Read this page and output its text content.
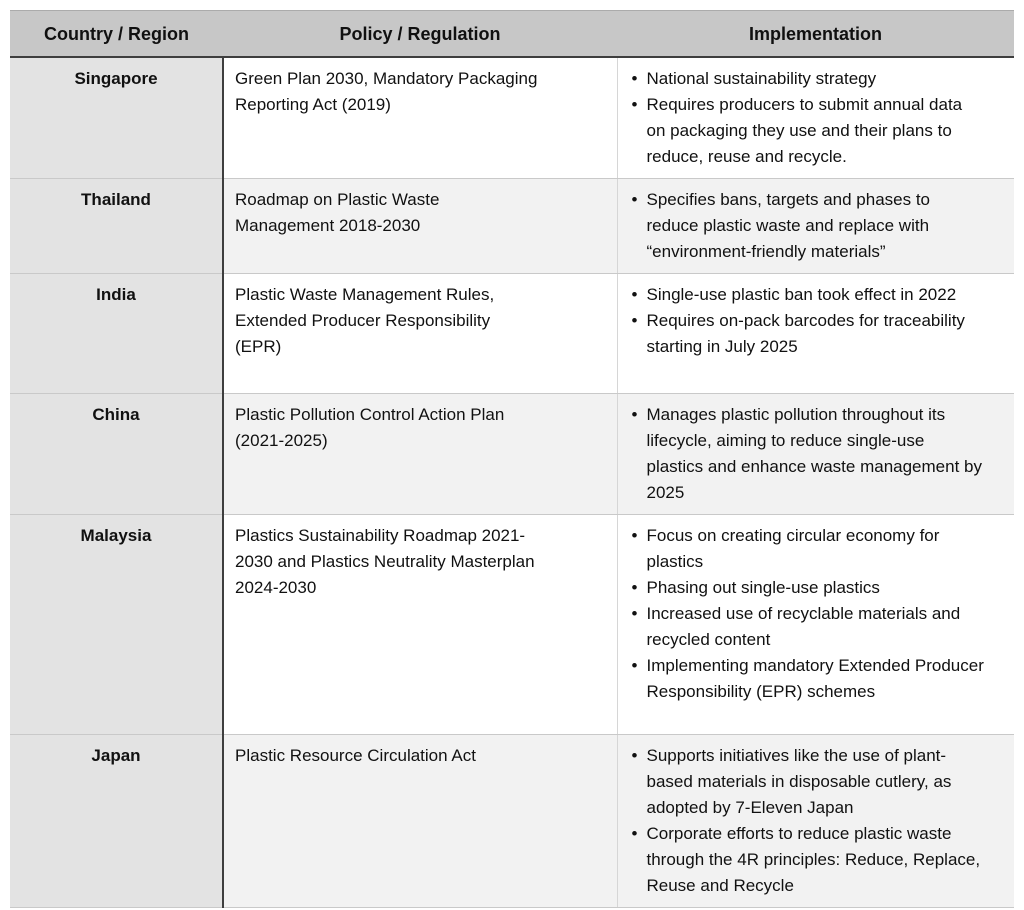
Country / Region	Policy / Regulation	Implementation
Singapore	Green Plan 2030, Mandatory Packaging Reporting Act (2019)

• National sustainability strategy
• Requires producers to submit annual data on packaging they use and their plans to reduce, reuse and recycle.

Thailand	Roadmap on Plastic Waste Management 2018-2030

• Specifies bans, targets and phases to reduce plastic waste and replace with “environment-friendly materials”

India	Plastic Waste Management Rules, Extended Producer Responsibility (EPR)

• Single-use plastic ban took effect in 2022
• Requires on-pack barcodes for traceability starting in July 2025

China	Plastic Pollution Control Action Plan (2021-2025)

• Manages plastic pollution throughout its lifecycle, aiming to reduce single-use plastics and enhance waste management by 2025

Malaysia	Plastics Sustainability Roadmap 2021-2030 and Plastics Neutrality Masterplan 2024-2030

• Focus on creating circular economy for plastics
• Phasing out single-use plastics
• Increased use of recyclable materials and recycled content
• Implementing mandatory Extended Producer Responsibility (EPR) schemes

Japan	Plastic Resource Circulation Act

•Supports initiatives like the use of plant-based materials in disposable cutlery, as adopted by 7-Eleven Japan
• Corporate efforts to reduce plastic waste through the 4R principles: Reduce, Replace, Reuse and Recycle
